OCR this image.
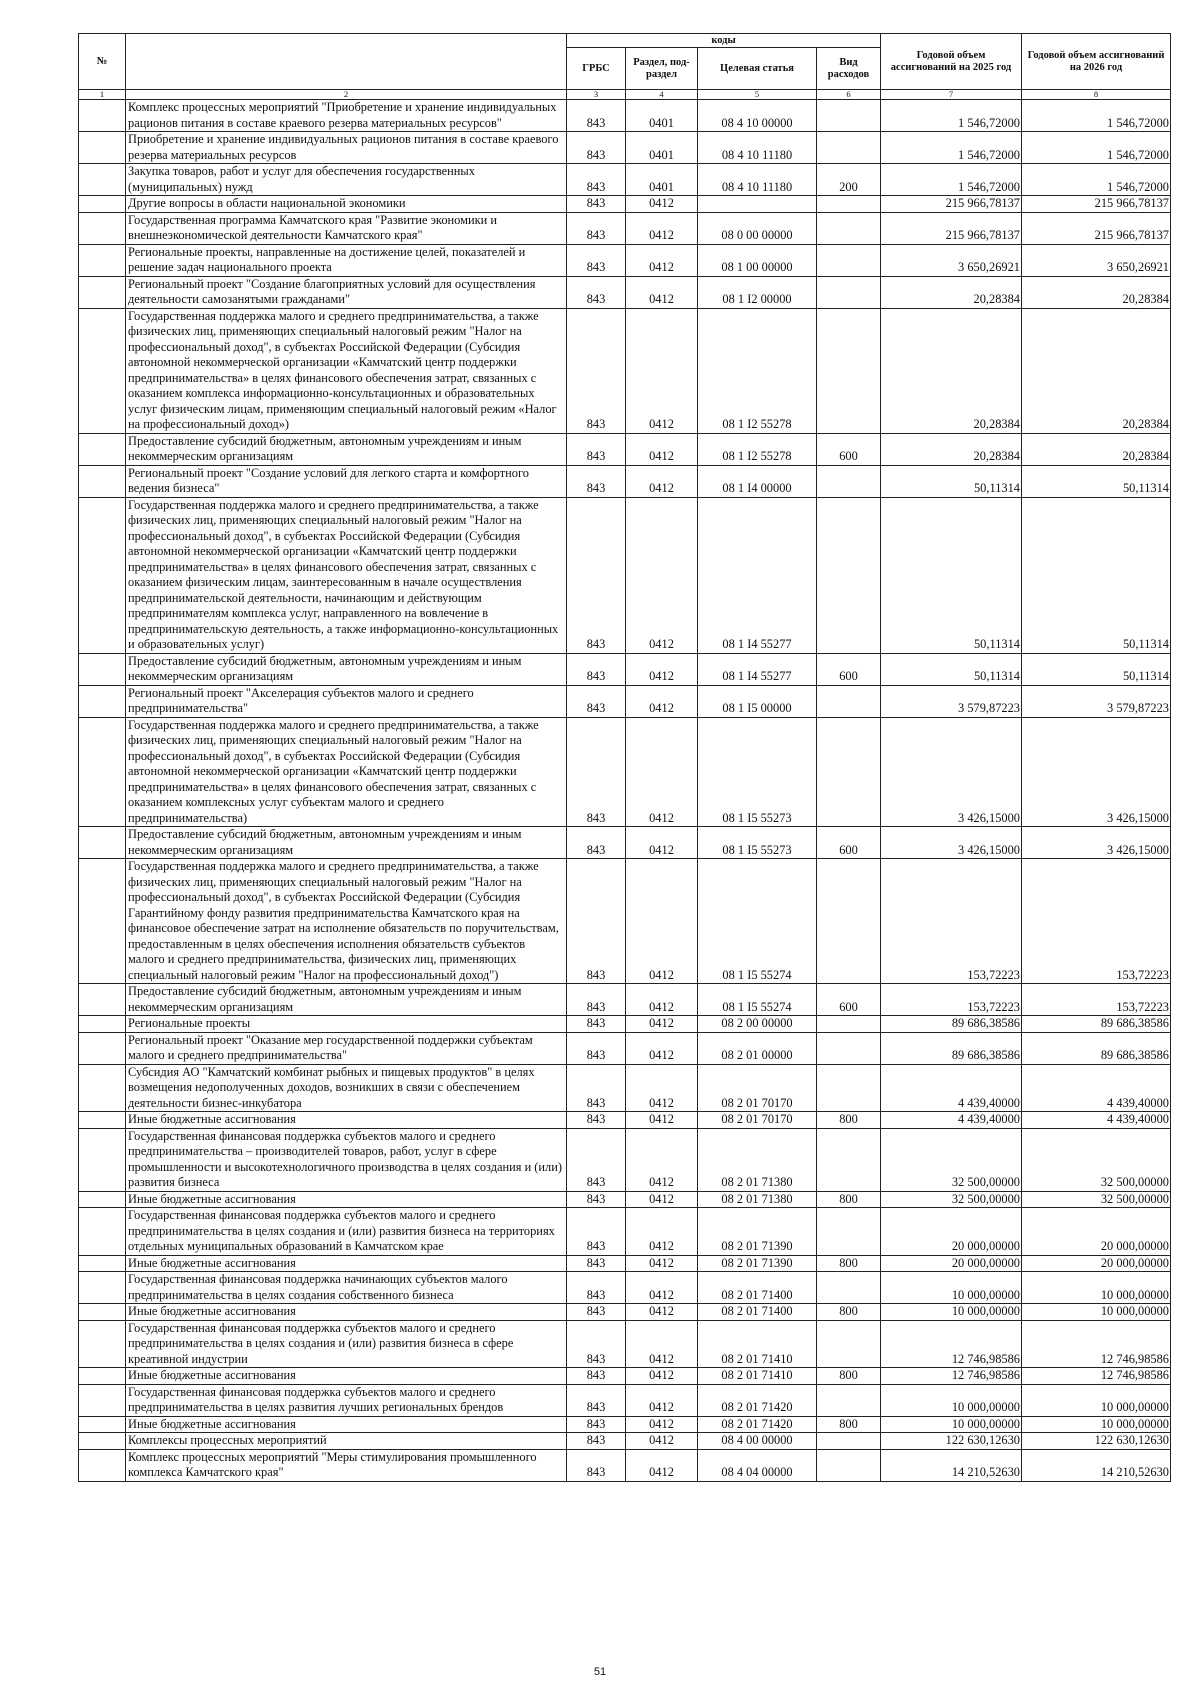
№		коды				Годовой объем ассигнований на 2025 год	Годовой объем ассигнований на 2026 год
		ГРБС	Раздел, под-раздел	Целевая статья	Вид расходов		
1	2	3	4	5	6	7	8
	Комплекс процессных мероприятий "Приобретение и хранение индивидуальных рационов питания в составе краевого резерва материальных ресурсов"	843	0401	08 4 10 00000		1 546,72000	1 546,72000
	Приобретение и хранение индивидуальных рационов питания в составе краевого резерва материальных ресурсов	843	0401	08 4 10 11180		1 546,72000	1 546,72000
	Закупка товаров, работ и услуг для обеспечения государственных (муниципальных) нужд	843	0401	08 4 10 11180	200	1 546,72000	1 546,72000
	Другие вопросы в области национальной экономики	843	0412			215 966,78137	215 966,78137
	Государственная программа Камчатского края "Развитие экономики и внешнеэкономической деятельности Камчатского края"	843	0412	08 0 00 00000		215 966,78137	215 966,78137
	Региональные проекты, направленные на достижение целей, показателей и решение задач национального проекта	843	0412	08 1 00 00000		3 650,26921	3 650,26921
	Региональный проект "Создание благоприятных условий для осуществления деятельности самозанятыми гражданами"	843	0412	08 1 I2 00000		20,28384	20,28384
	Государственная поддержка малого и среднего предпринимательства, а также физических лиц, применяющих специальный налоговый режим "Налог на профессиональный доход", в субъектах Российской Федерации (Субсидия автономной некоммерческой организации «Камчатский центр поддержки предпринимательства» в целях финансового обеспечения затрат, связанных с оказанием комплекса информационно-консультационных и образовательных услуг физическим лицам, применяющим специальный налоговый режим «Налог на профессиональный доход»)	843	0412	08 1 I2 55278		20,28384	20,28384
	Предоставление субсидий бюджетным, автономным учреждениям и иным некоммерческим организациям	843	0412	08 1 I2 55278	600	20,28384	20,28384
	Региональный проект "Создание условий для легкого старта и комфортного ведения бизнеса"	843	0412	08 1 I4 00000		50,11314	50,11314
	Государственная поддержка малого и среднего предпринимательства, а также физических лиц, применяющих специальный налоговый режим "Налог на профессиональный доход", в субъектах Российской Федерации (Субсидия автономной некоммерческой организации «Камчатский центр поддержки предпринимательства» в целях финансового обеспечения затрат, связанных с оказанием физическим лицам, заинтересованным в начале осуществления предпринимательской деятельности, начинающим и действующим предпринимателям комплекса услуг, направленного на вовлечение в предпринимательскую деятельность, а также информационно-консультационных и образовательных услуг)	843	0412	08 1 I4 55277		50,11314	50,11314
	Предоставление субсидий бюджетным, автономным учреждениям и иным некоммерческим организациям	843	0412	08 1 I4 55277	600	50,11314	50,11314
	Региональный проект "Акселерация субъектов малого и среднего предпринимательства"	843	0412	08 1 I5 00000		3 579,87223	3 579,87223
	Государственная поддержка малого и среднего предпринимательства, а также физических лиц, применяющих специальный налоговый режим "Налог на профессиональный доход", в субъектах Российской Федерации (Субсидия автономной некоммерческой организации «Камчатский центр поддержки предпринимательства» в целях финансового обеспечения затрат, связанных с оказанием комплексных услуг субъектам малого и среднего предпринимательства)	843	0412	08 1 I5 55273		3 426,15000	3 426,15000
	Предоставление субсидий бюджетным, автономным учреждениям и иным некоммерческим организациям	843	0412	08 1 I5 55273	600	3 426,15000	3 426,15000
	Государственная поддержка малого и среднего предпринимательства, а также физических лиц, применяющих специальный налоговый режим "Налог на профессиональный доход", в субъектах Российской Федерации (Субсидия Гарантийному фонду развития предпринимательства Камчатского края на финансовое обеспечение затрат на исполнение обязательств по поручительствам, предоставленным в целях обеспечения исполнения обязательств субъектов малого и среднего предпринимательства, физических лиц, применяющих специальный налоговый режим "Налог на профессиональный доход")	843	0412	08 1 I5 55274		153,72223	153,72223
	Предоставление субсидий бюджетным, автономным учреждениям и иным некоммерческим организациям	843	0412	08 1 I5 55274	600	153,72223	153,72223
	Региональные проекты	843	0412	08 2 00 00000		89 686,38586	89 686,38586
	Региональный проект "Оказание мер государственной поддержки субъектам малого и среднего предпринимательства"	843	0412	08 2 01 00000		89 686,38586	89 686,38586
	Субсидия АО "Камчатский комбинат рыбных и пищевых продуктов" в целях возмещения недополученных доходов, возникших в связи с обеспечением деятельности бизнес-инкубатора	843	0412	08 2 01 70170		4 439,40000	4 439,40000
	Иные бюджетные ассигнования	843	0412	08 2 01 70170	800	4 439,40000	4 439,40000
	Государственная финансовая поддержка субъектов малого и среднего предпринимательства – производителей товаров, работ, услуг в сфере промышленности и высокотехнологичного производства в целях создания и (или) развития бизнеса	843	0412	08 2 01 71380		32 500,00000	32 500,00000
	Иные бюджетные ассигнования	843	0412	08 2 01 71380	800	32 500,00000	32 500,00000
	Государственная финансовая поддержка субъектов малого и среднего предпринимательства в целях создания и (или) развития бизнеса на территориях отдельных муниципальных образований в Камчатском крае	843	0412	08 2 01 71390		20 000,00000	20 000,00000
	Иные бюджетные ассигнования	843	0412	08 2 01 71390	800	20 000,00000	20 000,00000
	Государственная финансовая поддержка начинающих субъектов малого предпринимательства в целях создания собственного бизнеса	843	0412	08 2 01 71400		10 000,00000	10 000,00000
	Иные бюджетные ассигнования	843	0412	08 2 01 71400	800	10 000,00000	10 000,00000
	Государственная финансовая поддержка субъектов малого и среднего предпринимательства в целях создания и (или) развития бизнеса в сфере креативной индустрии	843	0412	08 2 01 71410		12 746,98586	12 746,98586
	Иные бюджетные ассигнования	843	0412	08 2 01 71410	800	12 746,98586	12 746,98586
	Государственная финансовая поддержка субъектов малого и среднего предпринимательства в целях развития лучших региональных брендов	843	0412	08 2 01 71420		10 000,00000	10 000,00000
	Иные бюджетные ассигнования	843	0412	08 2 01 71420	800	10 000,00000	10 000,00000
	Комплексы процессных мероприятий	843	0412	08 4 00 00000		122 630,12630	122 630,12630
	Комплекс процессных мероприятий "Меры стимулирования промышленного комплекса Камчатского края"	843	0412	08 4 04 00000		14 210,52630	14 210,52630
51
